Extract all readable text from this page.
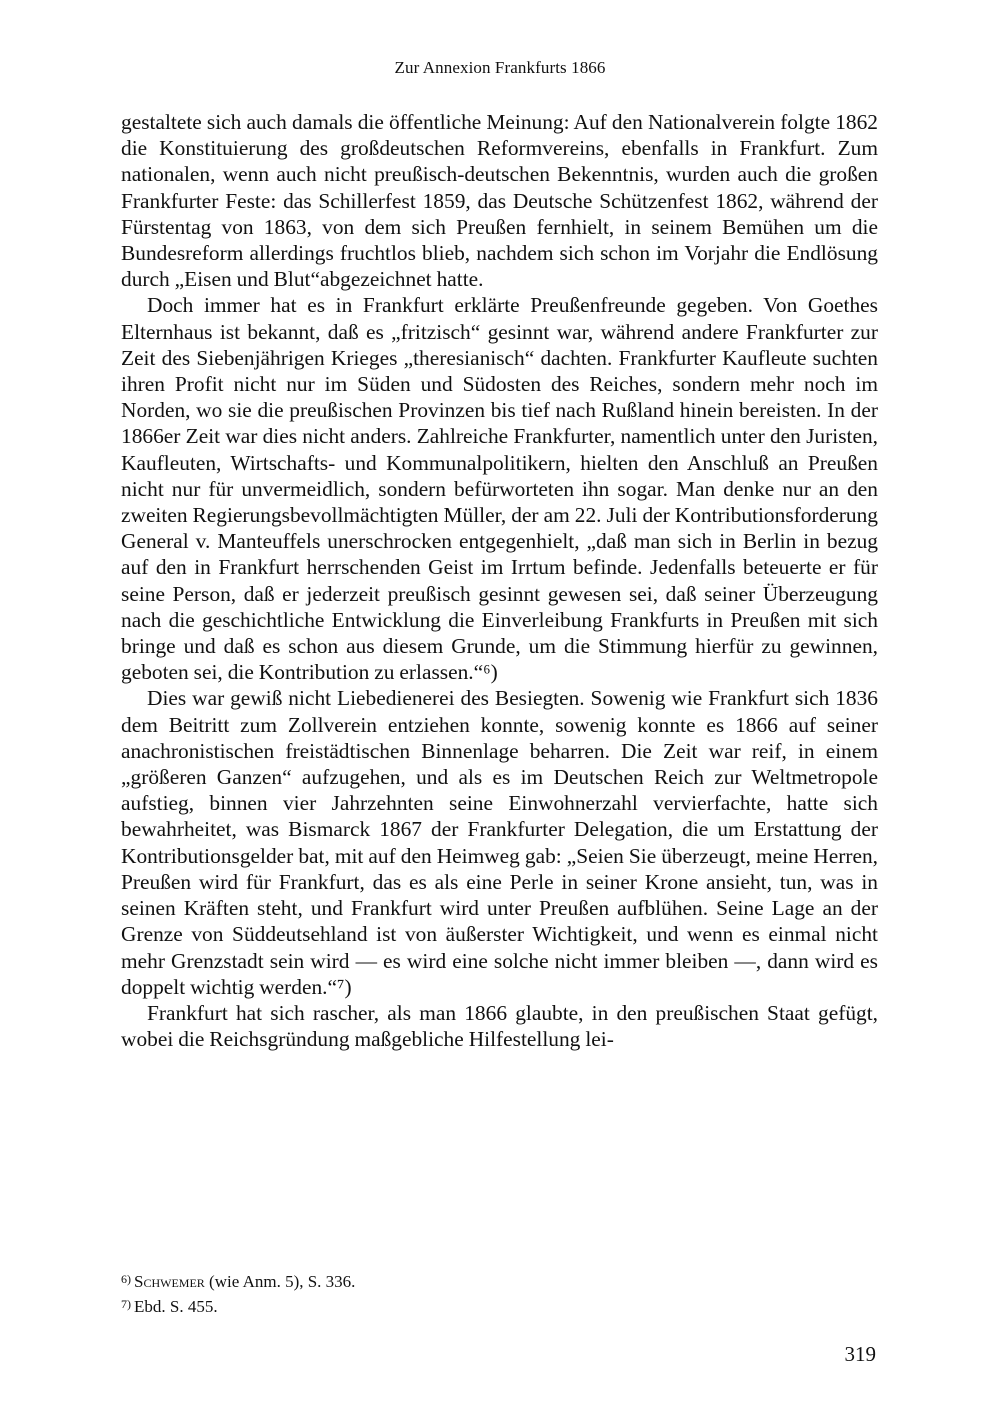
Zur Annexion Frankfurts 1866

gestaltete sich auch damals die öffentliche Meinung: Auf den Nationalverein folgte 1862 die Konstituierung des großdeutschen Reformvereins, ebenfalls in Frankfurt. Zum nationalen, wenn auch nicht preußisch-deutschen Bekenntnis, wurden auch die großen Frankfurter Feste: das Schillerfest 1859, das Deutsche Schützenfest 1862, während der Fürstentag von 1863, von dem sich Preußen fernhielt, in seinem Bemühen um die Bundesreform allerdings fruchtlos blieb, nachdem sich schon im Vorjahr die Endlösung durch „Eisen und Blut“abgezeichnet hatte.

Doch immer hat es in Frankfurt erklärte Preußenfreunde gegeben. Von Goethes Elternhaus ist bekannt, daß es „fritzisch“ gesinnt war, während andere Frankfurter zur Zeit des Siebenjährigen Krieges „theresianisch“ dachten. Frankfurter Kaufleute suchten ihren Profit nicht nur im Süden und Südosten des Reiches, sondern mehr noch im Norden, wo sie die preußischen Provinzen bis tief nach Rußland hinein bereisten. In der 1866er Zeit war dies nicht anders. Zahlreiche Frankfurter, namentlich unter den Juristen, Kaufleuten, Wirtschafts- und Kommunalpolitikern, hielten den Anschluß an Preußen nicht nur für unvermeidlich, sondern befürworteten ihn sogar. Man denke nur an den zweiten Regierungsbevollmächtigten Müller, der am 22. Juli der Kontributionsforderung General v. Manteuffels unerschrocken entgegenhielt, „daß man sich in Berlin in bezug auf den in Frankfurt herrschenden Geist im Irrtum befinde. Jedenfalls beteuerte er für seine Person, daß er jederzeit preußisch gesinnt gewesen sei, daß seiner Überzeugung nach die geschichtliche Entwicklung die Einverleibung Frankfurts in Preußen mit sich bringe und daß es schon aus diesem Grunde, um die Stimmung hierfür zu gewinnen, geboten sei, die Kontribution zu erlassen.“⁶)

Dies war gewiß nicht Liebedienerei des Besiegten. Sowenig wie Frankfurt sich 1836 dem Beitritt zum Zollverein entziehen konnte, sowenig konnte es 1866 auf seiner anachronistischen freistädtischen Binnenlage beharren. Die Zeit war reif, in einem „größeren Ganzen“ aufzugehen, und als es im Deutschen Reich zur Weltmetropole aufstieg, binnen vier Jahrzehnten seine Einwohnerzahl vervierfachte, hatte sich bewahrheitet, was Bismarck 1867 der Frankfurter Delegation, die um Erstattung der Kontributionsgelder bat, mit auf den Heimweg gab: „Seien Sie überzeugt, meine Herren, Preußen wird für Frankfurt, das es als eine Perle in seiner Krone ansieht, tun, was in seinen Kräften steht, und Frankfurt wird unter Preußen aufblühen. Seine Lage an der Grenze von Süddeutsehland ist von äußerster Wichtigkeit, und wenn es einmal nicht mehr Grenzstadt sein wird — es wird eine solche nicht immer bleiben —, dann wird es doppelt wichtig werden.“⁷)

Frankfurt hat sich rascher, als man 1866 glaubte, in den preußischen Staat gefügt, wobei die Reichsgründung maßgebliche Hilfestellung lei-

$^{6)}$ Schwemer (wie Anm. 5), S. 336.

$^{7)}$ Ebd. S. 455.

319
